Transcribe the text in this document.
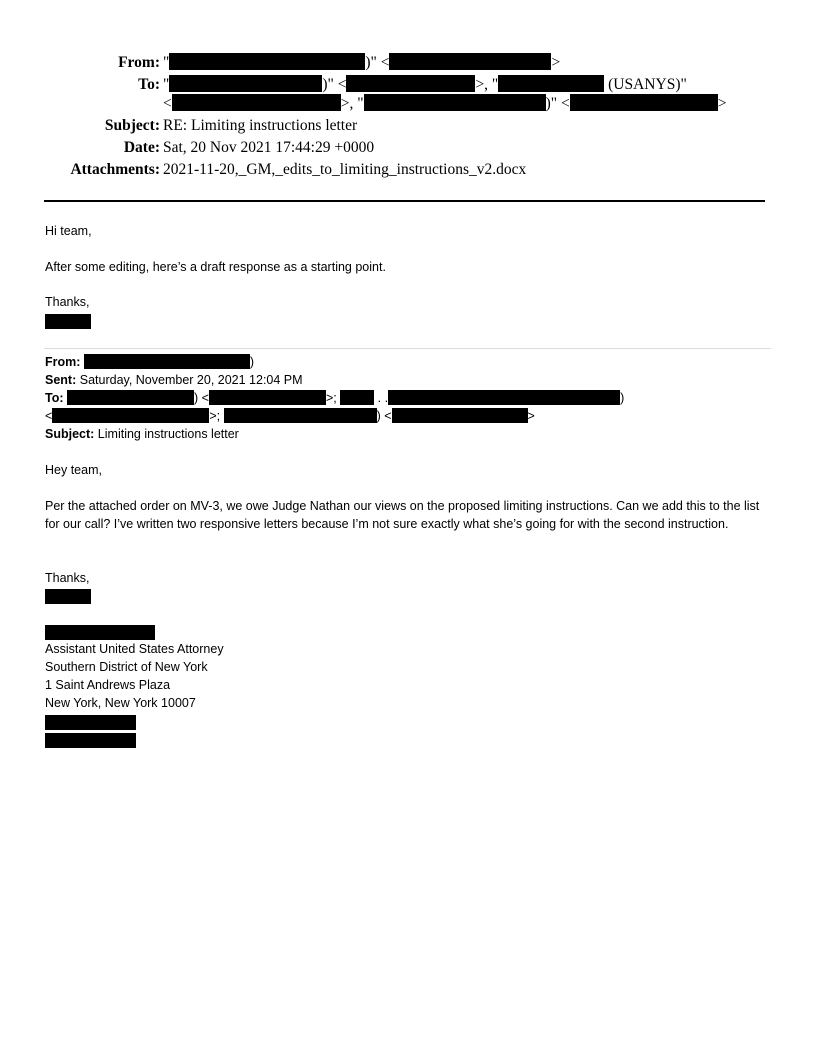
From: "	)" <	>
To: "	)" <	>, "	(USANYS)"
<	>, "	)" <	>
Subject: RE: Limiting instructions letter
Date: Sat, 20 Nov 2021 17:44:29 +0000
Attachments: 2021-11-20,_GM,_edits_to_limiting_instructions_v2.docx
Hi team,
After some editing, here’s a draft response as a starting point.
Thanks,
From:	)
Sent: Saturday, November 20, 2021 12:04 PM
To:	) <	>;	. .	)
<	>;	) <	>
Subject: Limiting instructions letter
Hey team,
Per the attached order on MV-3, we owe Judge Nathan our views on the proposed limiting instructions. Can we add this to the list for our call? I’ve written two responsive letters because I’m not sure exactly what she’s going for with the second instruction.
Thanks,
Assistant United States Attorney
Southern District of New York
1 Saint Andrews Plaza
New York, New York 10007
